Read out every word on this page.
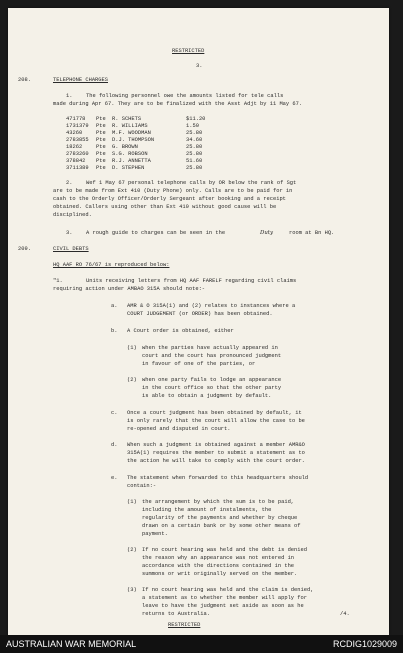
RESTRICTED
3.
208.	TELEPHONE CHARGES
1.	The following personnel owe the amounts listed for tele calls
made during Apr 67. They are to be finalized with the Asst Adjt by 11 May 67.
471778	Pte	R. SCHETS	$11.20
1731379	Pte	R. WILLIAMS	1.50
43260	Pte	M.F. WOODMAN	25.80
2783855	Pte	D.J. THOMPSON	34.60
18262	Pte	G. BROWN	25.80
2783260	Pte	S.G. ROBSON	25.80
378842	Pte	R.J. ANNETTA	51.60
3711389	Pte	D. STEPHEN	25.80
2.	Wef 1 May 67 personal telephone calls by OR below the rank of Sgt
are to be made from Ext 410 (Duty Phone) only. Calls are to be paid for in
cash to the Orderly Officer/Orderly Sergeant after booking and a receipt
obtained. Callers using other than Ext 410 without good cause will be
disciplined.
3.	A rough guide to charges can be seen in the	Duty	room at Bn HQ.
209.	CIVIL DEBTS
HQ AAF RO 76/67 is reproduced below:
"1.	Units receiving letters from HQ AAF FARELF regarding civil claims
requiring action under AMBAO 315A should note:-
a. AMR & O 315A(1) and (2) relates to instances where a
COURT JUDGEMENT (or ORDER) has been obtained.
b. A Court order is obtained, either
(1) when the parties have actually appeared in
court and the court has pronounced judgment
in favour of one of the parties, or
(2) when one party fails to lodge an appearance
in the court office so that the other party
is able to obtain a judgment by default.
c. Once a court judgment has been obtained by default, it
is only rarely that the court will allow the case to be
re-opened and disputed in court.
d. When such a judgment is obtained against a member AMR&O
315A(1) requires the member to submit a statement as to
the action he will take to comply with the court order.
e. The statement when forwarded to this headquarters should
contain:-
(1) the arrangement by which the sum is to be paid,
including the amount of instalments, the
regularity of the payments and whether by cheque
drawn on a certain bank or by some other means of
payment.
(2) If no court hearing was held and the debt is denied
the reason why an appearance was not entered in
accordance with the directions contained in the
summons or writ originally served on the member.
(3) If no court hearing was held and the claim is denied,
a statement as to whether the member will apply for
leave to have the judgment set aside as soon as he
returns to Australia.	/4.
RESTRICTED
AUSTRALIAN WAR MEMORIAL	RCDIG1029009
